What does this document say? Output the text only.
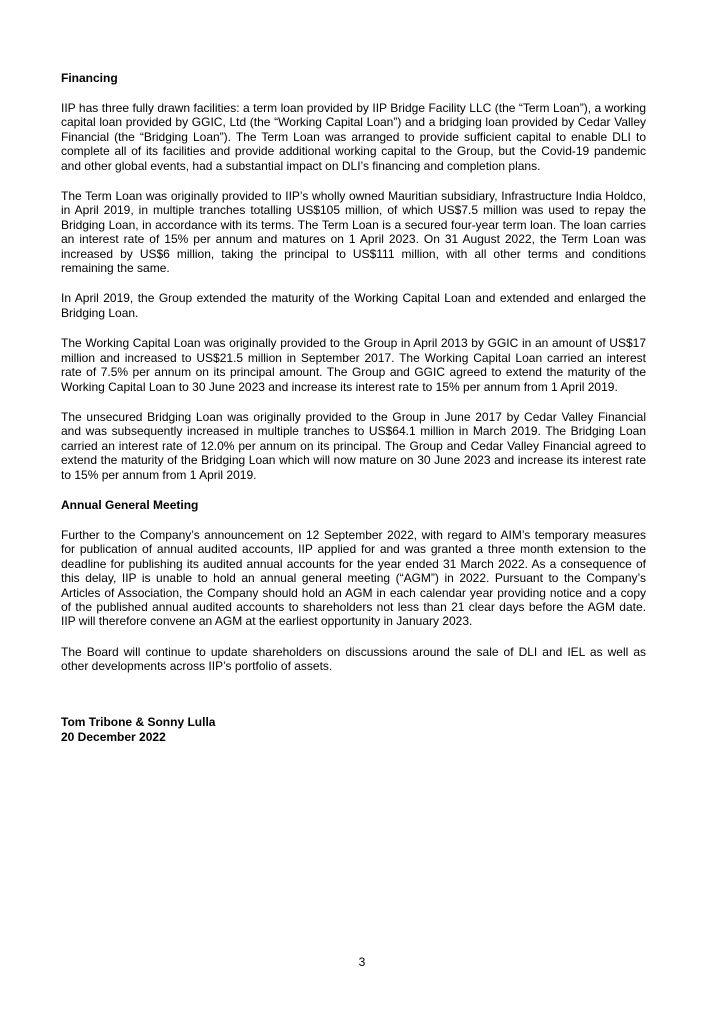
Financing

IIP has three fully drawn facilities: a term loan provided by IIP Bridge Facility LLC (the “Term Loan”), a working capital loan provided by GGIC, Ltd (the “Working Capital Loan”) and a bridging loan provided by Cedar Valley Financial (the “Bridging Loan”). The Term Loan was arranged to provide sufficient capital to enable DLI to complete all of its facilities and provide additional working capital to the Group, but the Covid-19 pandemic and other global events, had a substantial impact on DLI’s financing and completion plans.

The Term Loan was originally provided to IIP’s wholly owned Mauritian subsidiary, Infrastructure India Holdco, in April 2019, in multiple tranches totalling US$105 million, of which US$7.5 million was used to repay the Bridging Loan, in accordance with its terms. The Term Loan is a secured four-year term loan. The loan carries an interest rate of 15% per annum and matures on 1 April 2023. On 31 August 2022, the Term Loan was increased by US$6 million, taking the principal to US$111 million, with all other terms and conditions remaining the same.

In April 2019, the Group extended the maturity of the Working Capital Loan and extended and enlarged the Bridging Loan.

The Working Capital Loan was originally provided to the Group in April 2013 by GGIC in an amount of US$17 million and increased to US$21.5 million in September 2017. The Working Capital Loan carried an interest rate of 7.5% per annum on its principal amount. The Group and GGIC agreed to extend the maturity of the Working Capital Loan to 30 June 2023 and increase its interest rate to 15% per annum from 1 April 2019.

The unsecured Bridging Loan was originally provided to the Group in June 2017 by Cedar Valley Financial and was subsequently increased in multiple tranches to US$64.1 million in March 2019. The Bridging Loan carried an interest rate of 12.0% per annum on its principal. The Group and Cedar Valley Financial agreed to extend the maturity of the Bridging Loan which will now mature on 30 June 2023 and increase its interest rate to 15% per annum from 1 April 2019.

Annual General Meeting

Further to the Company’s announcement on 12 September 2022, with regard to AIM’s temporary measures for publication of annual audited accounts, IIP applied for and was granted a three month extension to the deadline for publishing its audited annual accounts for the year ended 31 March 2022. As a consequence of this delay, IIP is unable to hold an annual general meeting (“AGM”) in 2022. Pursuant to the Company’s Articles of Association, the Company should hold an AGM in each calendar year providing notice and a copy of the published annual audited accounts to shareholders not less than 21 clear days before the AGM date. IIP will therefore convene an AGM at the earliest opportunity in January 2023.

The Board will continue to update shareholders on discussions around the sale of DLI and IEL as well as other developments across IIP’s portfolio of assets.

Tom Tribone & Sonny Lulla
20 December 2022
3
